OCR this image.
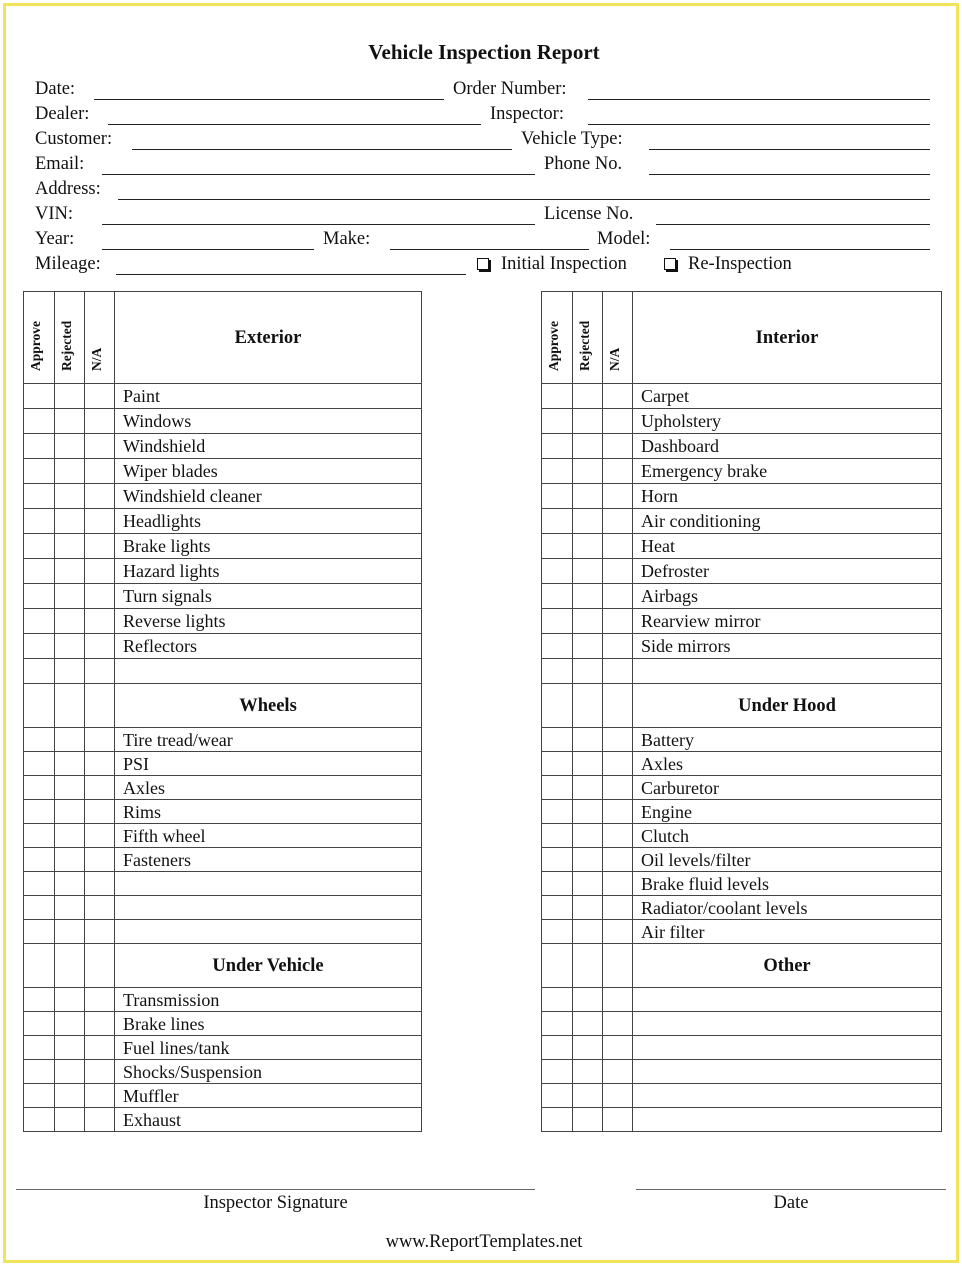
Vehicle Inspection Report
Date:	Order Number:
Dealer:	Inspector:
Customer:	Vehicle Type:
Email:	Phone No.
Address:
VIN:	License No.
Year:	Make:	Model:
Mileage:	Initial Inspection	Re-Inspection
Approve	Rejected	N/A	Exterior
			Paint
			Windows
			Windshield
			Wiper blades
			Windshield cleaner
			Headlights
			Brake lights
			Hazard lights
			Turn signals
			Reverse lights
			Reflectors

			Wheels
			Tire tread/wear
			PSI
			Axles
			Rims
			Fifth wheel
			Fasteners

			Under Vehicle
			Transmission
			Brake lines
			Fuel lines/tank
			Shocks/Suspension
			Muffler
			Exhaust
Approve	Rejected	N/A	Interior
			Carpet
			Upholstery
			Dashboard
			Emergency brake
			Horn
			Air conditioning
			Heat
			Defroster
			Airbags
			Rearview mirror
			Side mirrors

			Under Hood
			Battery
			Axles
			Carburetor
			Engine
			Clutch
			Oil levels/filter
			Brake fluid levels
			Radiator/coolant levels
			Air filter
			Other

Inspector Signature	Date
www.ReportTemplates.net
